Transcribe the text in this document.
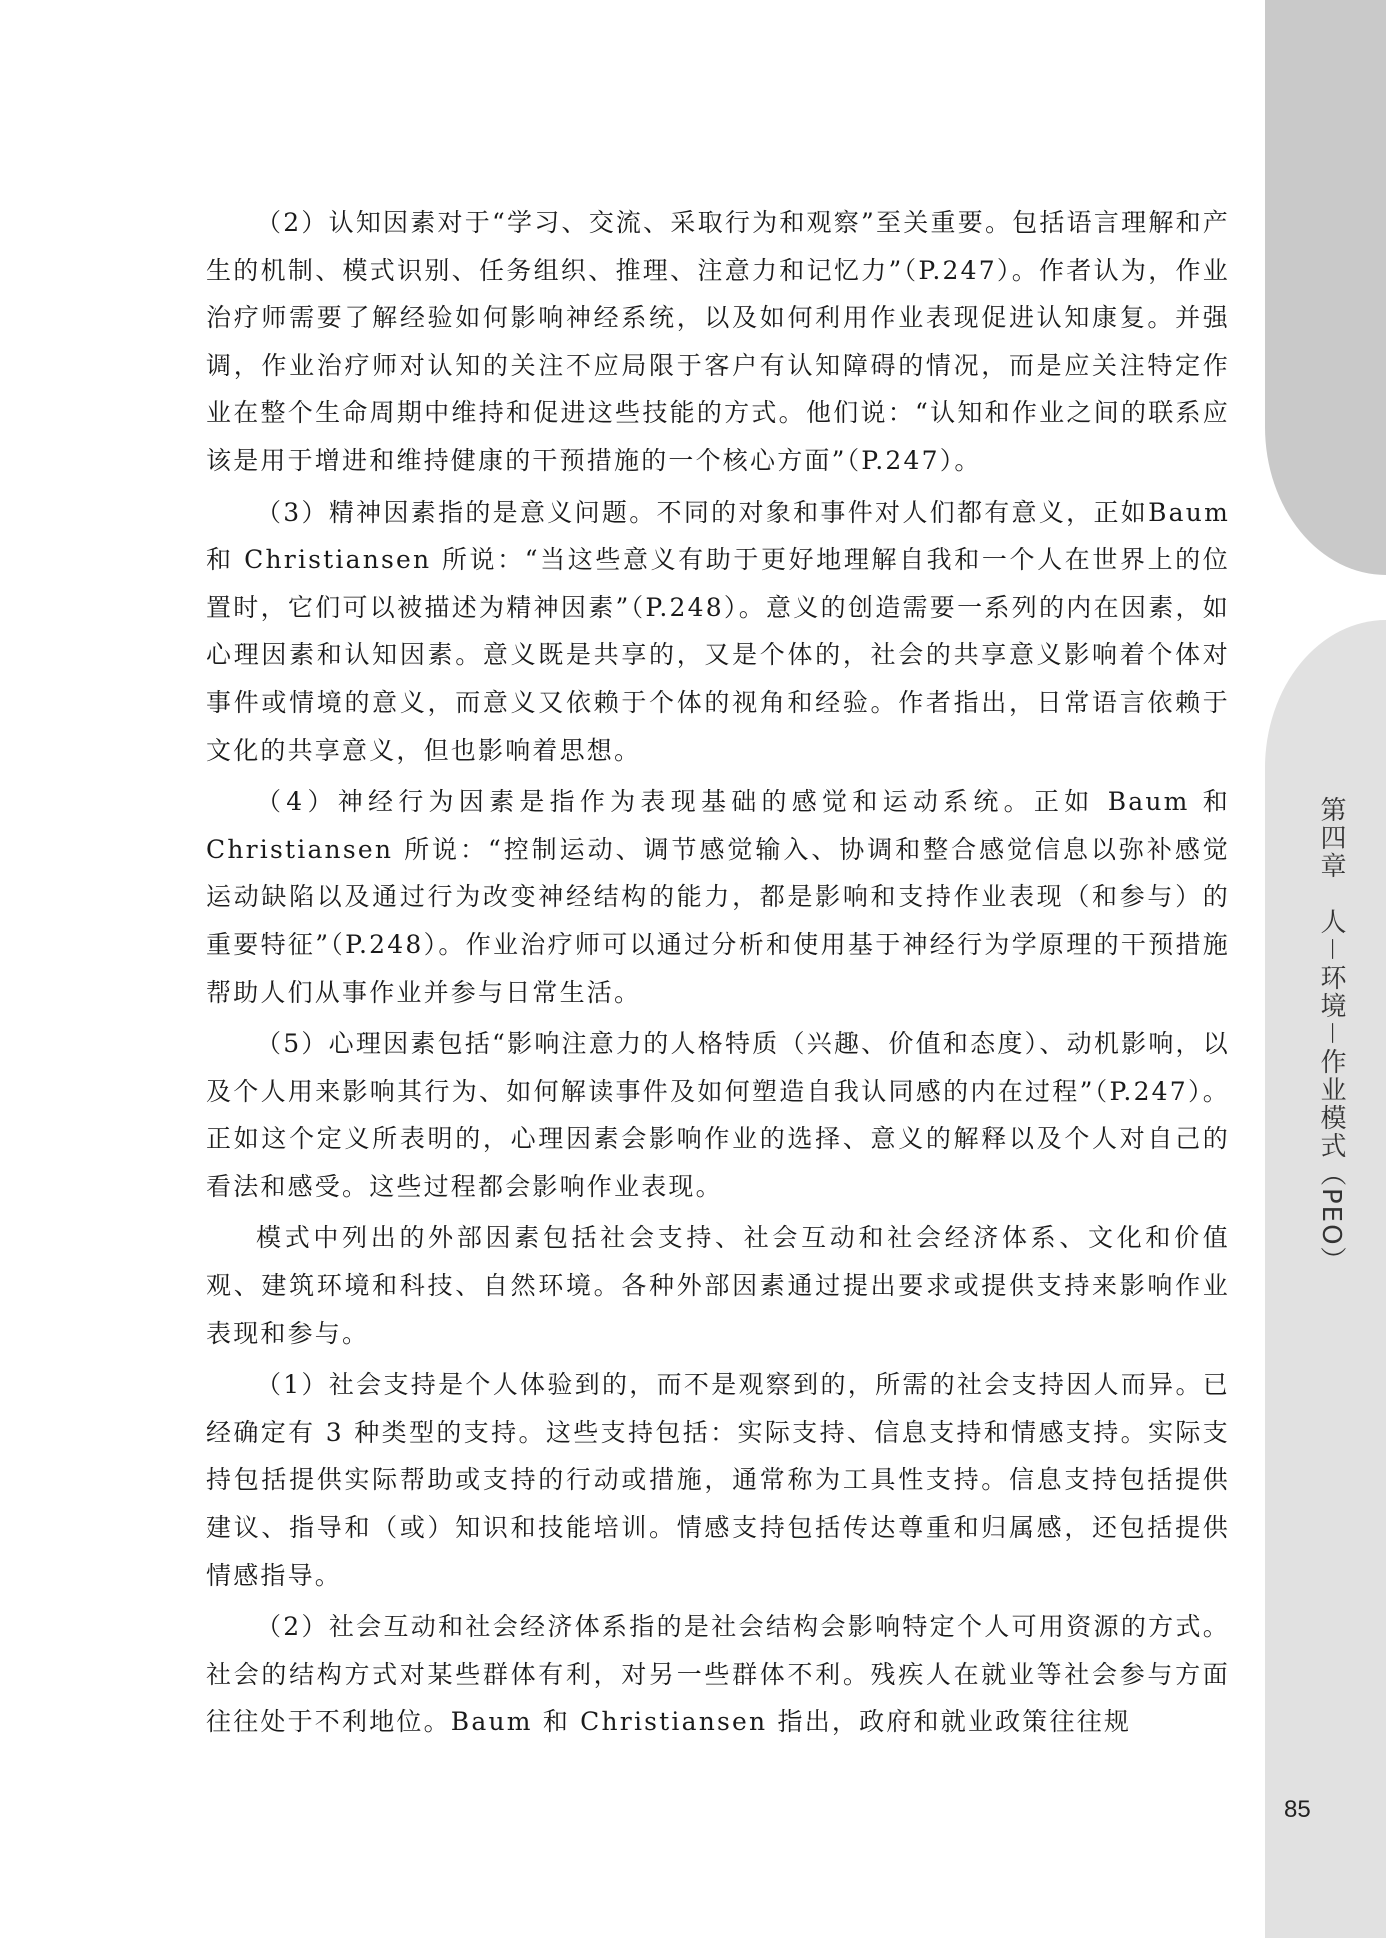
第四章　人－环境－作业模式（PEO）

（2）认知因素对于“学习、交流、采取行为和观察”至关重要。包括语言理解和产生的机制、模式识别、任务组织、推理、注意力和记忆力”（P.247）。作者认为，作业治疗师需要了解经验如何影响神经系统，以及如何利用作业表现促进认知康复。并强调，作业治疗师对认知的关注不应局限于客户有认知障碍的情况，而是应关注特定作业在整个生命周期中维持和促进这些技能的方式。他们说：“认知和作业之间的联系应该是用于增进和维持健康的干预措施的一个核心方面”（P.247）。

（3）精神因素指的是意义问题。不同的对象和事件对人们都有意义，正如Baum 和 Christiansen 所说：“当这些意义有助于更好地理解自我和一个人在世界上的位置时，它们可以被描述为精神因素”（P.248）。意义的创造需要一系列的内在因素，如心理因素和认知因素。意义既是共享的，又是个体的，社会的共享意义影响着个体对事件或情境的意义，而意义又依赖于个体的视角和经验。作者指出，日常语言依赖于文化的共享意义，但也影响着思想。

（4）神经行为因素是指作为表现基础的感觉和运动系统。正如 Baum 和Christiansen 所说：“控制运动、调节感觉输入、协调和整合感觉信息以弥补感觉运动缺陷以及通过行为改变神经结构的能力，都是影响和支持作业表现（和参与）的重要特征”（P.248）。作业治疗师可以通过分析和使用基于神经行为学原理的干预措施帮助人们从事作业并参与日常生活。

（5）心理因素包括“影响注意力的人格特质（兴趣、价值和态度）、动机影响，以及个人用来影响其行为、如何解读事件及如何塑造自我认同感的内在过程”（P.247）。正如这个定义所表明的，心理因素会影响作业的选择、意义的解释以及个人对自己的看法和感受。这些过程都会影响作业表现。

模式中列出的外部因素包括社会支持、社会互动和社会经济体系、文化和价值观、建筑环境和科技、自然环境。各种外部因素通过提出要求或提供支持来影响作业表现和参与。

（1）社会支持是个人体验到的，而不是观察到的，所需的社会支持因人而异。已经确定有 3 种类型的支持。这些支持包括：实际支持、信息支持和情感支持。实际支持包括提供实际帮助或支持的行动或措施，通常称为工具性支持。信息支持包括提供建议、指导和（或）知识和技能培训。情感支持包括传达尊重和归属感，还包括提供情感指导。

（2）社会互动和社会经济体系指的是社会结构会影响特定个人可用资源的方式。社会的结构方式对某些群体有利，对另一些群体不利。残疾人在就业等社会参与方面往往处于不利地位。Baum 和 Christiansen 指出，政府和就业政策往往规

85
